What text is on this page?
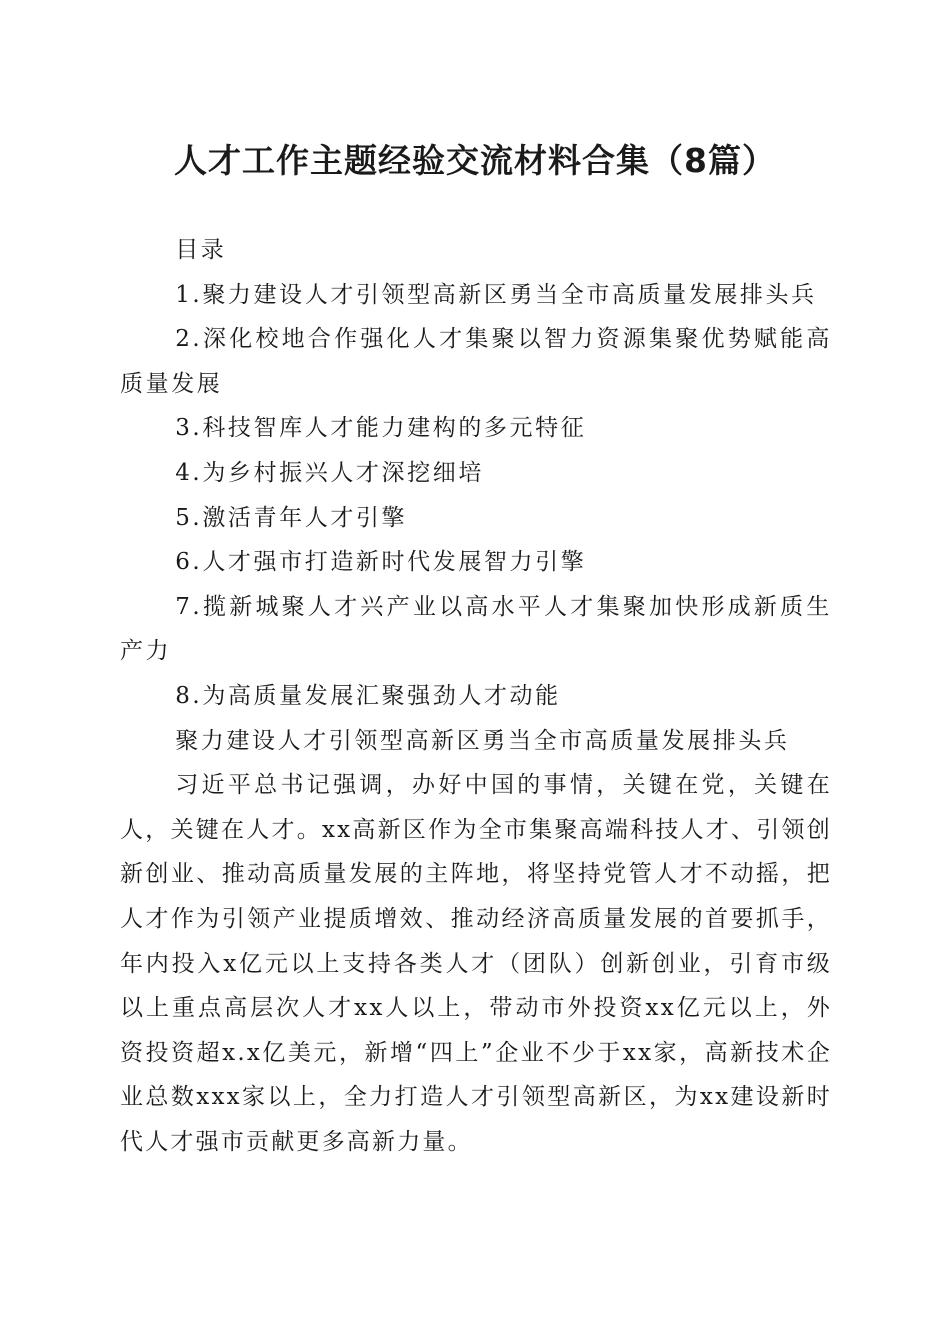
人才工作主题经验交流材料合集（8篇）

目录

1.聚力建设人才引领型高新区勇当全市高质量发展排头兵

2.深化校地合作强化人才集聚以智力资源集聚优势赋能高质量发展

3.科技智库人才能力建构的多元特征

4.为乡村振兴人才深挖细培

5.激活青年人才引擎

6.人才强市打造新时代发展智力引擎

7.揽新城聚人才兴产业以高水平人才集聚加快形成新质生产力

8.为高质量发展汇聚强劲人才动能

聚力建设人才引领型高新区勇当全市高质量发展排头兵

习近平总书记强调，办好中国的事情，关键在党，关键在人，关键在人才。xx高新区作为全市集聚高端科技人才、引领创新创业、推动高质量发展的主阵地，将坚持党管人才不动摇，把人才作为引领产业提质增效、推动经济高质量发展的首要抓手，年内投入x亿元以上支持各类人才（团队）创新创业，引育市级以上重点高层次人才xx人以上，带动市外投资xx亿元以上，外资投资超x.x亿美元，新增“四上”企业不少于xx家，高新技术企业总数xxx家以上，全力打造人才引领型高新区，为xx建设新时代人才强市贡献更多高新力量。
